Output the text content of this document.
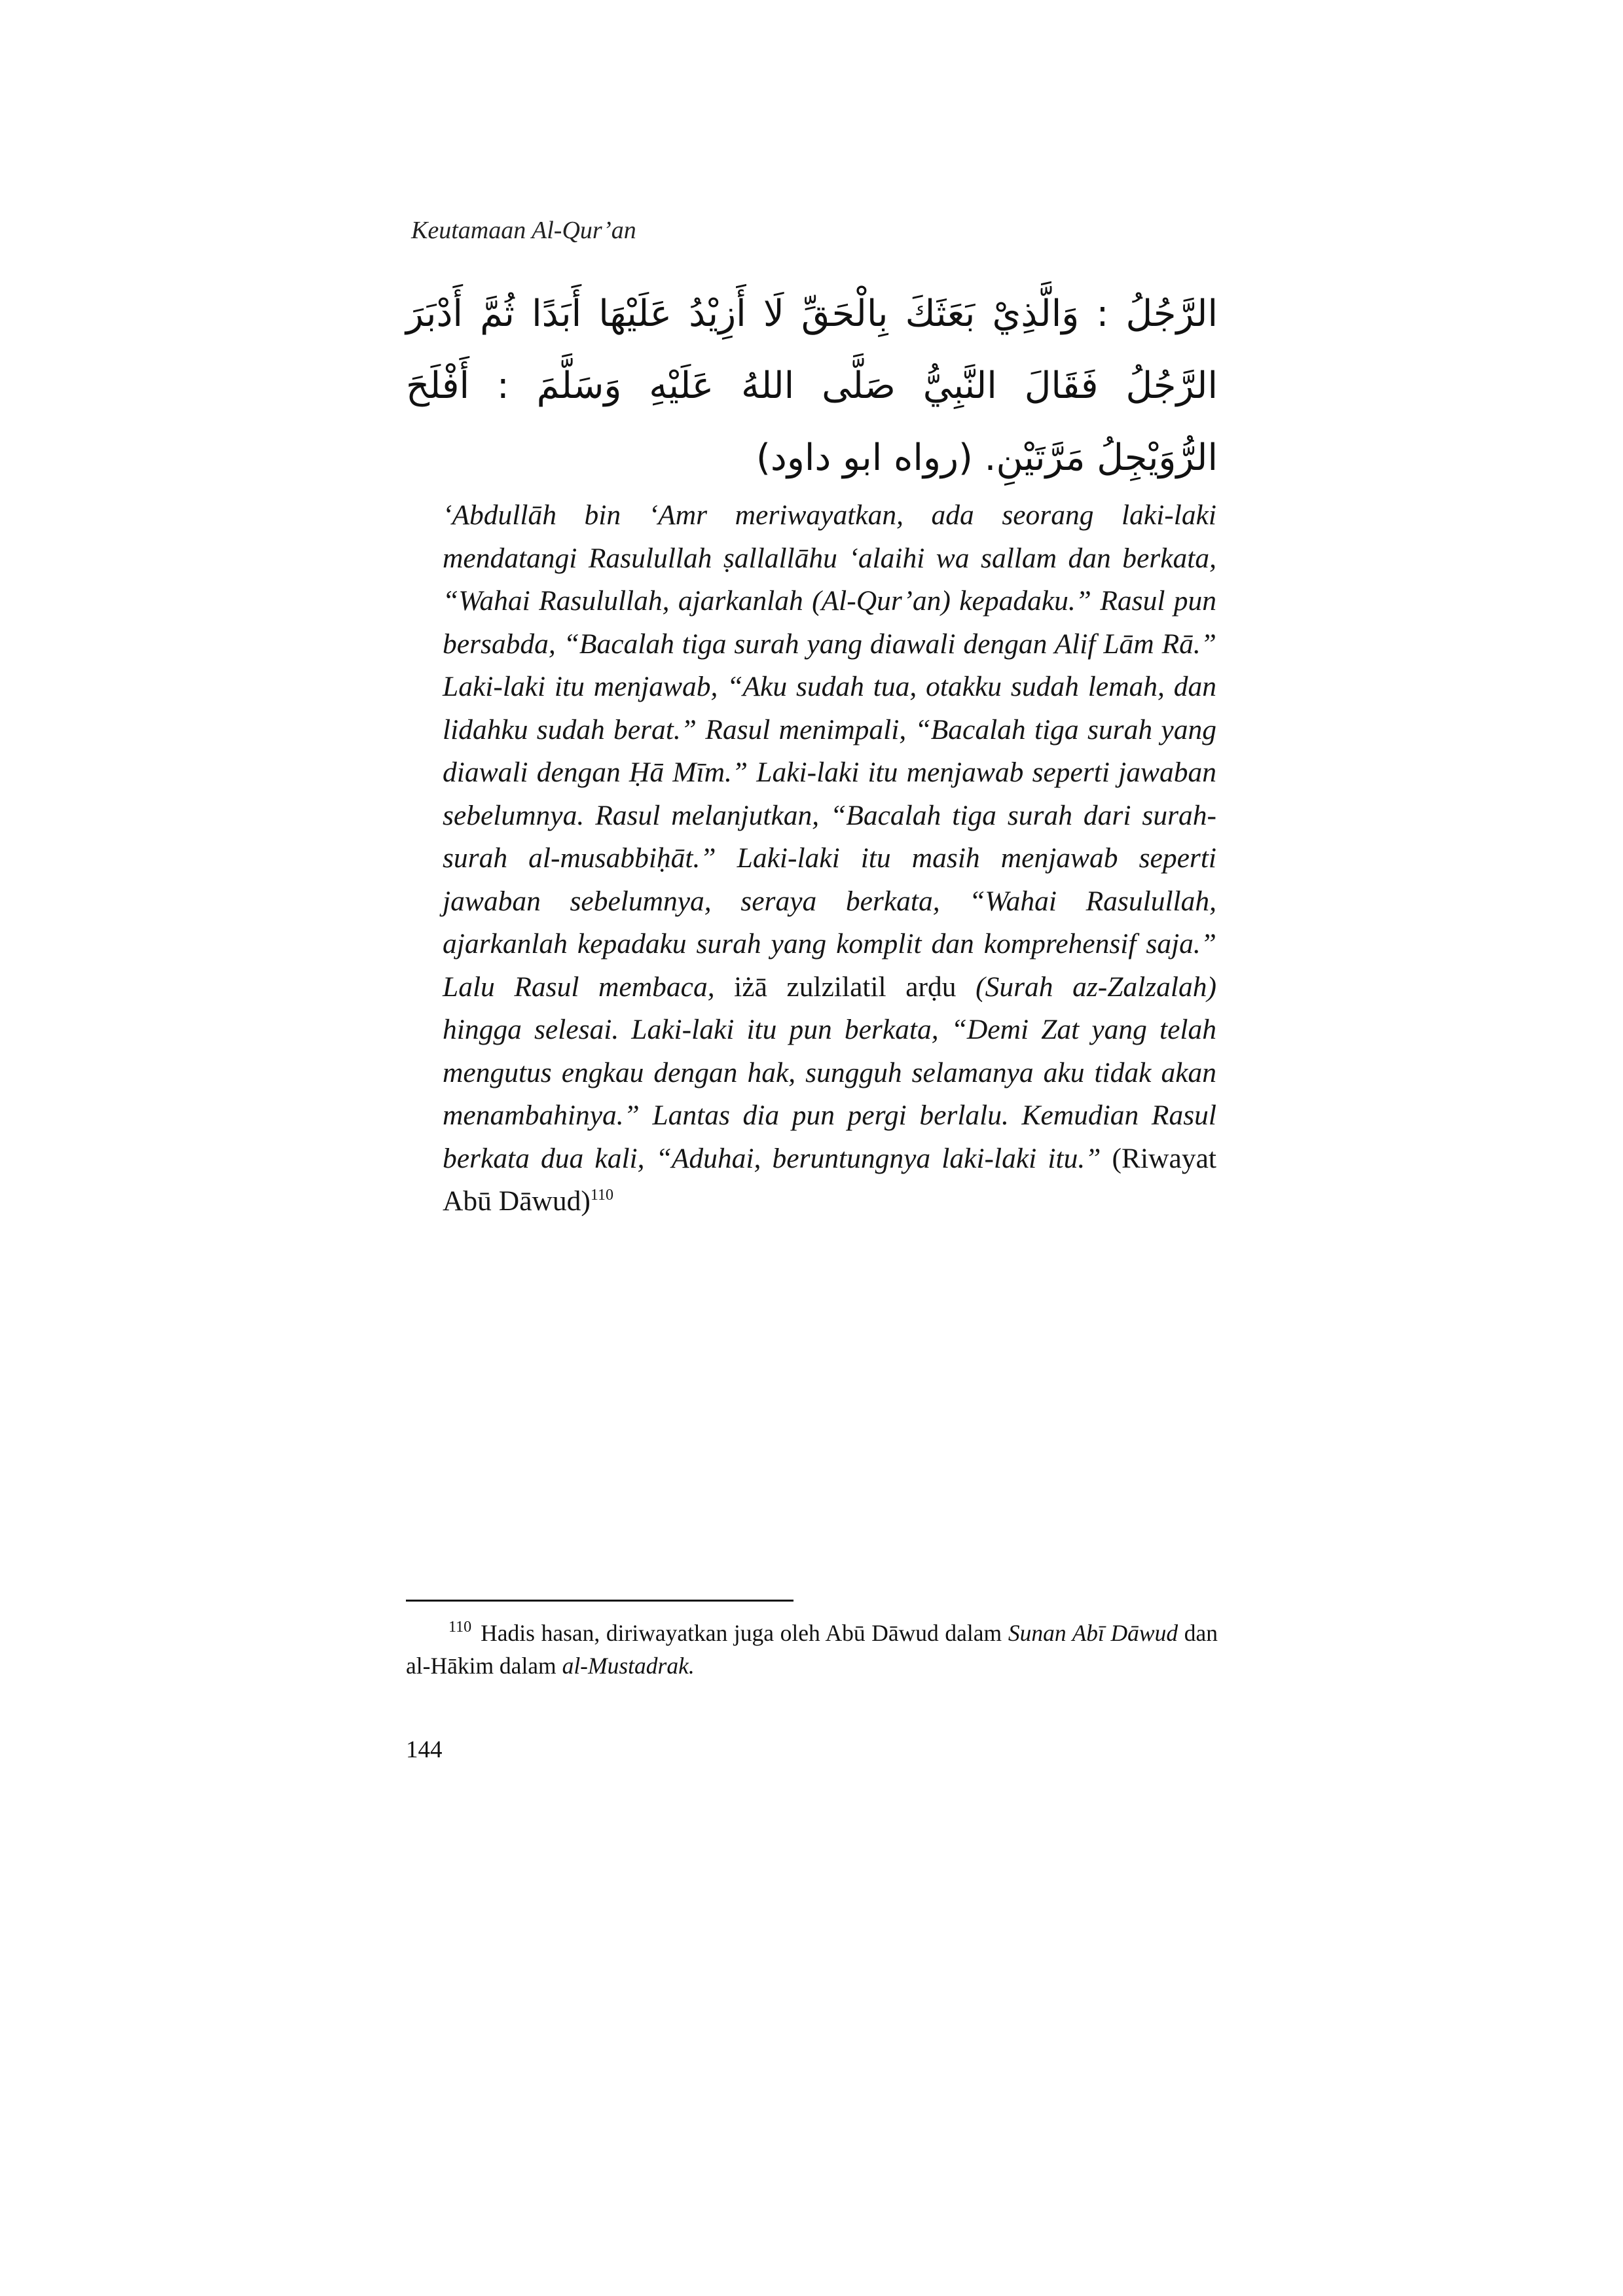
Keutamaan Al-Qur’an
الرَّجُلُ : وَالَّذِيْ بَعَثَكَ بِالْحَقِّ لَا أَزِيْدُ عَلَيْهَا أَبَدًا ثُمَّ أَدْبَرَ الرَّجُلُ فَقَالَ النَّبِيُّ صَلَّى اللهُ عَلَيْهِ وَسَلَّمَ : أَفْلَحَ الرُّوَيْجِلُ مَرَّتَيْنِ. (رواه ابو داود)
‘Abdullāh bin ‘Amr meriwayatkan, ada seorang laki-laki mendatangi Rasulullah ṣallallāhu ‘alaihi wa sallam dan berkata, “Wahai Rasulullah, ajarkanlah (Al-Qur’an) kepadaku.” Rasul pun bersabda, “Bacalah tiga surah yang diawali dengan Alif Lām Rā.” Laki-laki itu menjawab, “Aku sudah tua, otakku sudah lemah, dan lidahku sudah berat.” Rasul menimpali, “Bacalah tiga surah yang diawali dengan Ḥā Mīm.” Laki-laki itu menjawab seperti jawaban sebelumnya. Rasul melanjutkan, “Bacalah tiga surah dari surah-surah al-musabbiḥāt.” Laki-laki itu masih menjawab seperti jawaban sebelumnya, seraya berkata, “Wahai Rasulullah, ajarkanlah kepadaku surah yang komplit dan komprehensif saja.” Lalu Rasul membaca, iżā zulzilatil arḍu (Surah az-Zalzalah) hingga selesai. Laki-laki itu pun berkata, “Demi Zat yang telah mengutus engkau dengan hak, sungguh selamanya aku tidak akan menambahinya.” Lantas dia pun pergi berlalu. Kemudian Rasul berkata dua kali, “Aduhai, beruntungnya laki-laki itu.” (Riwayat Abū Dāwud)$^{110}$
$^{110}$ Hadis hasan, diriwayatkan juga oleh Abū Dāwud dalam Sunan Abī Dāwud dan al-Hākim dalam al-Mustadrak.
144
